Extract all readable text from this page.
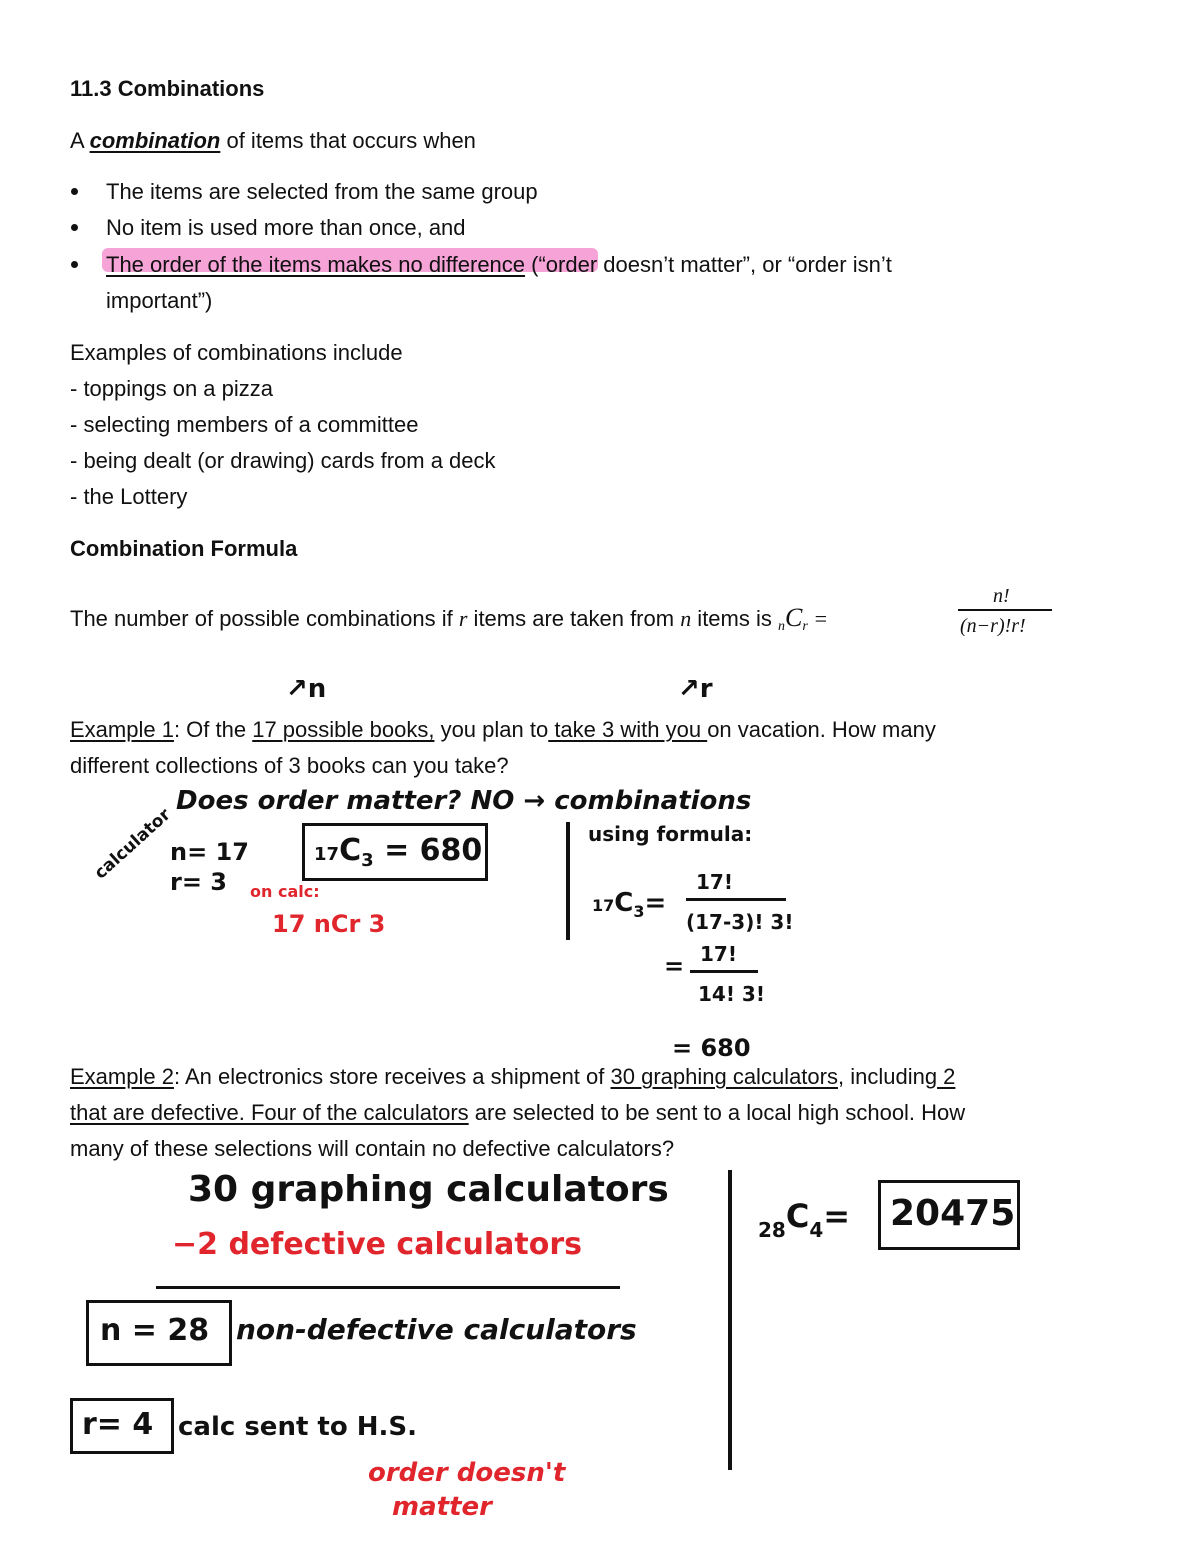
11.3 Combinations
A combination of items that occurs when
The items are selected from the same group
No item is used more than once, and
The order of the items makes no difference (“order doesn’t matter”, or “order isn’t
important”)
Examples of combinations include
- toppings on a pizza
- selecting members of a committee
- being dealt (or drawing) cards from a deck
- the Lottery
Combination Formula
The number of possible combinations if r items are taken from n items is nCr =
n!
(n−r)!r!
↗n	↗r
Example 1: Of the 17 possible books, you plan to take 3 with you on vacation. How many
different collections of 3 books can you take?
Does order matter? NO → combinations
calculator
n= 17
r= 3
$17C_3 = 680$
on calc:
17 nCr 3
using formula:
$17C_3=$
17!
(17-3)! 3!
= 17!
14! 3!
= 680
Example 2: An electronics store receives a shipment of 30 graphing calculators, including 2
that are defective. Four of the calculators are selected to be sent to a local high school. How
many of these selections will contain no defective calculators?
30 graphing calculators
−2 defective calculators
n = 28 non-defective calculators
r= 4 calc sent to H.S.
order doesn't
matter
$_{28}C_4= 20475$
